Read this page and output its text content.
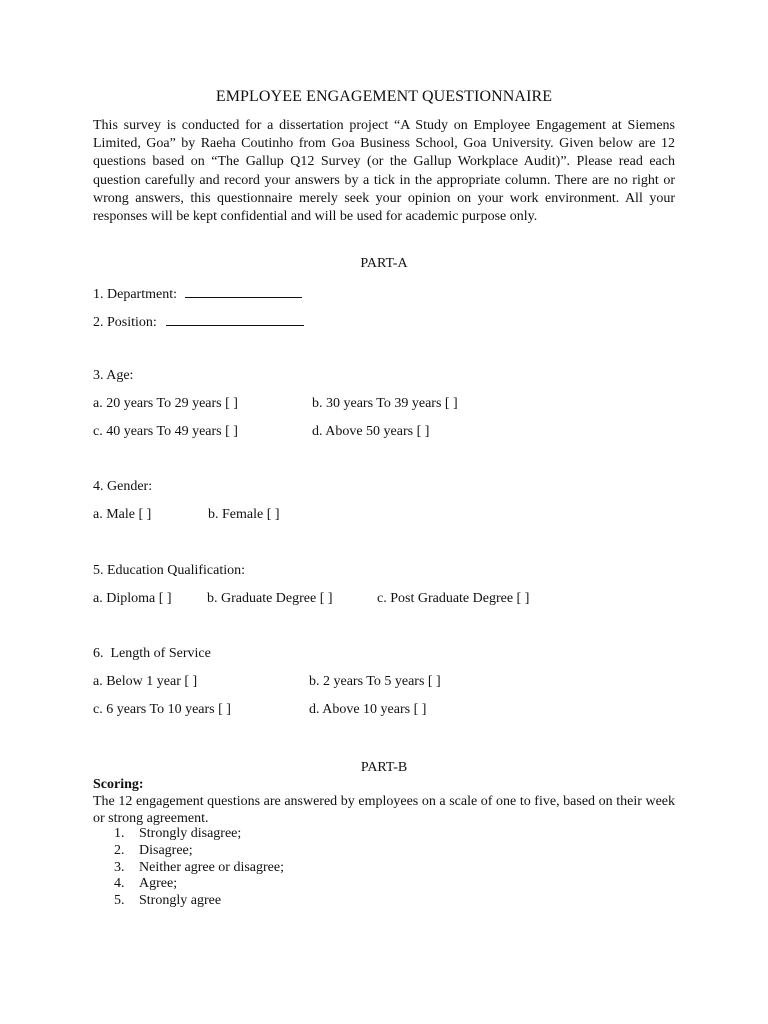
EMPLOYEE ENGAGEMENT QUESTIONNAIRE

This survey is conducted for a dissertation project “A Study on Employee Engagement at Siemens Limited, Goa” by Raeha Coutinho from Goa Business School, Goa University. Given below are 12 questions based on “The Gallup Q12 Survey (or the Gallup Workplace Audit)”. Please read each question carefully and record your answers by a tick in the appropriate column. There are no right or wrong answers, this questionnaire merely seek your opinion on your work environment. All your responses will be kept confidential and will be used for academic purpose only.

PART-A
1. Department:
2. Position:
3. Age:
a. 20 years To 29 years [ ]	b. 30 years To 39 years [ ]
c. 40 years To 49 years [ ]	d. Above 50 years [ ]
4. Gender:
a. Male [ ]	b. Female [ ]
5. Education Qualification:
a. Diploma [ ]	b. Graduate Degree [ ]	c. Post Graduate Degree [ ]
6.  Length of Service
a. Below 1 year [ ]	b. 2 years To 5 years [ ]
c. 6 years To 10 years [ ]	d. Above 10 years [ ]
PART-B
Scoring:

The 12 engagement questions are answered by employees on a scale of one to five, based on their week or strong agreement.

1. Strongly disagree;
2. Disagree;
3. Neither agree or disagree;
4. Agree;
5. Strongly agree
